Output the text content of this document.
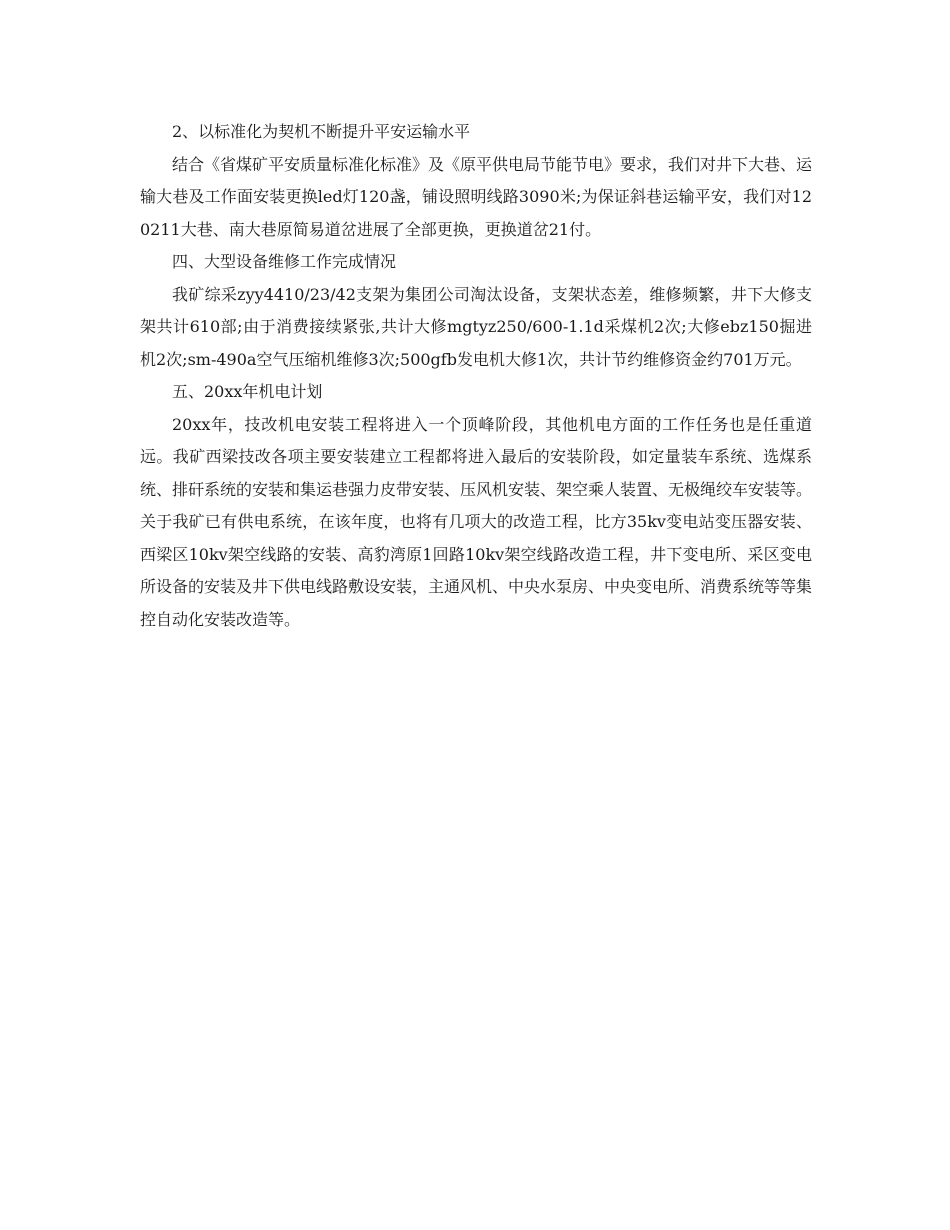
2、以标准化为契机不断提升平安运输水平

结合《省煤矿平安质量标准化标准》及《原平供电局节能节电》要求，我们对井下大巷、运输大巷及工作面安装更换led灯120盏，铺设照明线路3090米;为保证斜巷运输平安，我们对120211大巷、南大巷原简易道岔进展了全部更换，更换道岔21付。

四、大型设备维修工作完成情况

我矿综采zyy4410/23/42支架为集团公司淘汰设备，支架状态差，维修频繁，井下大修支架共计610部;由于消费接续紧张,共计大修mgtyz250/600-1.1d采煤机2次;大修ebz150掘进机2次;sm-490a空气压缩机维修3次;500gfb发电机大修1次，共计节约维修资金约701万元。

五、20xx年机电计划

20xx年，技改机电安装工程将进入一个顶峰阶段，其他机电方面的工作任务也是任重道远。我矿西梁技改各项主要安装建立工程都将进入最后的安装阶段，如定量装车系统、选煤系统、排矸系统的安装和集运巷强力皮带安装、压风机安装、架空乘人装置、无极绳绞车安装等。关于我矿已有供电系统，在该年度，也将有几项大的改造工程，比方35kv变电站变压器安装、西梁区10kv架空线路的安装、高豹湾原1回路10kv架空线路改造工程，井下变电所、采区变电所设备的安装及井下供电线路敷设安装，主通风机、中央水泵房、中央变电所、消费系统等等集控自动化安装改造等。
